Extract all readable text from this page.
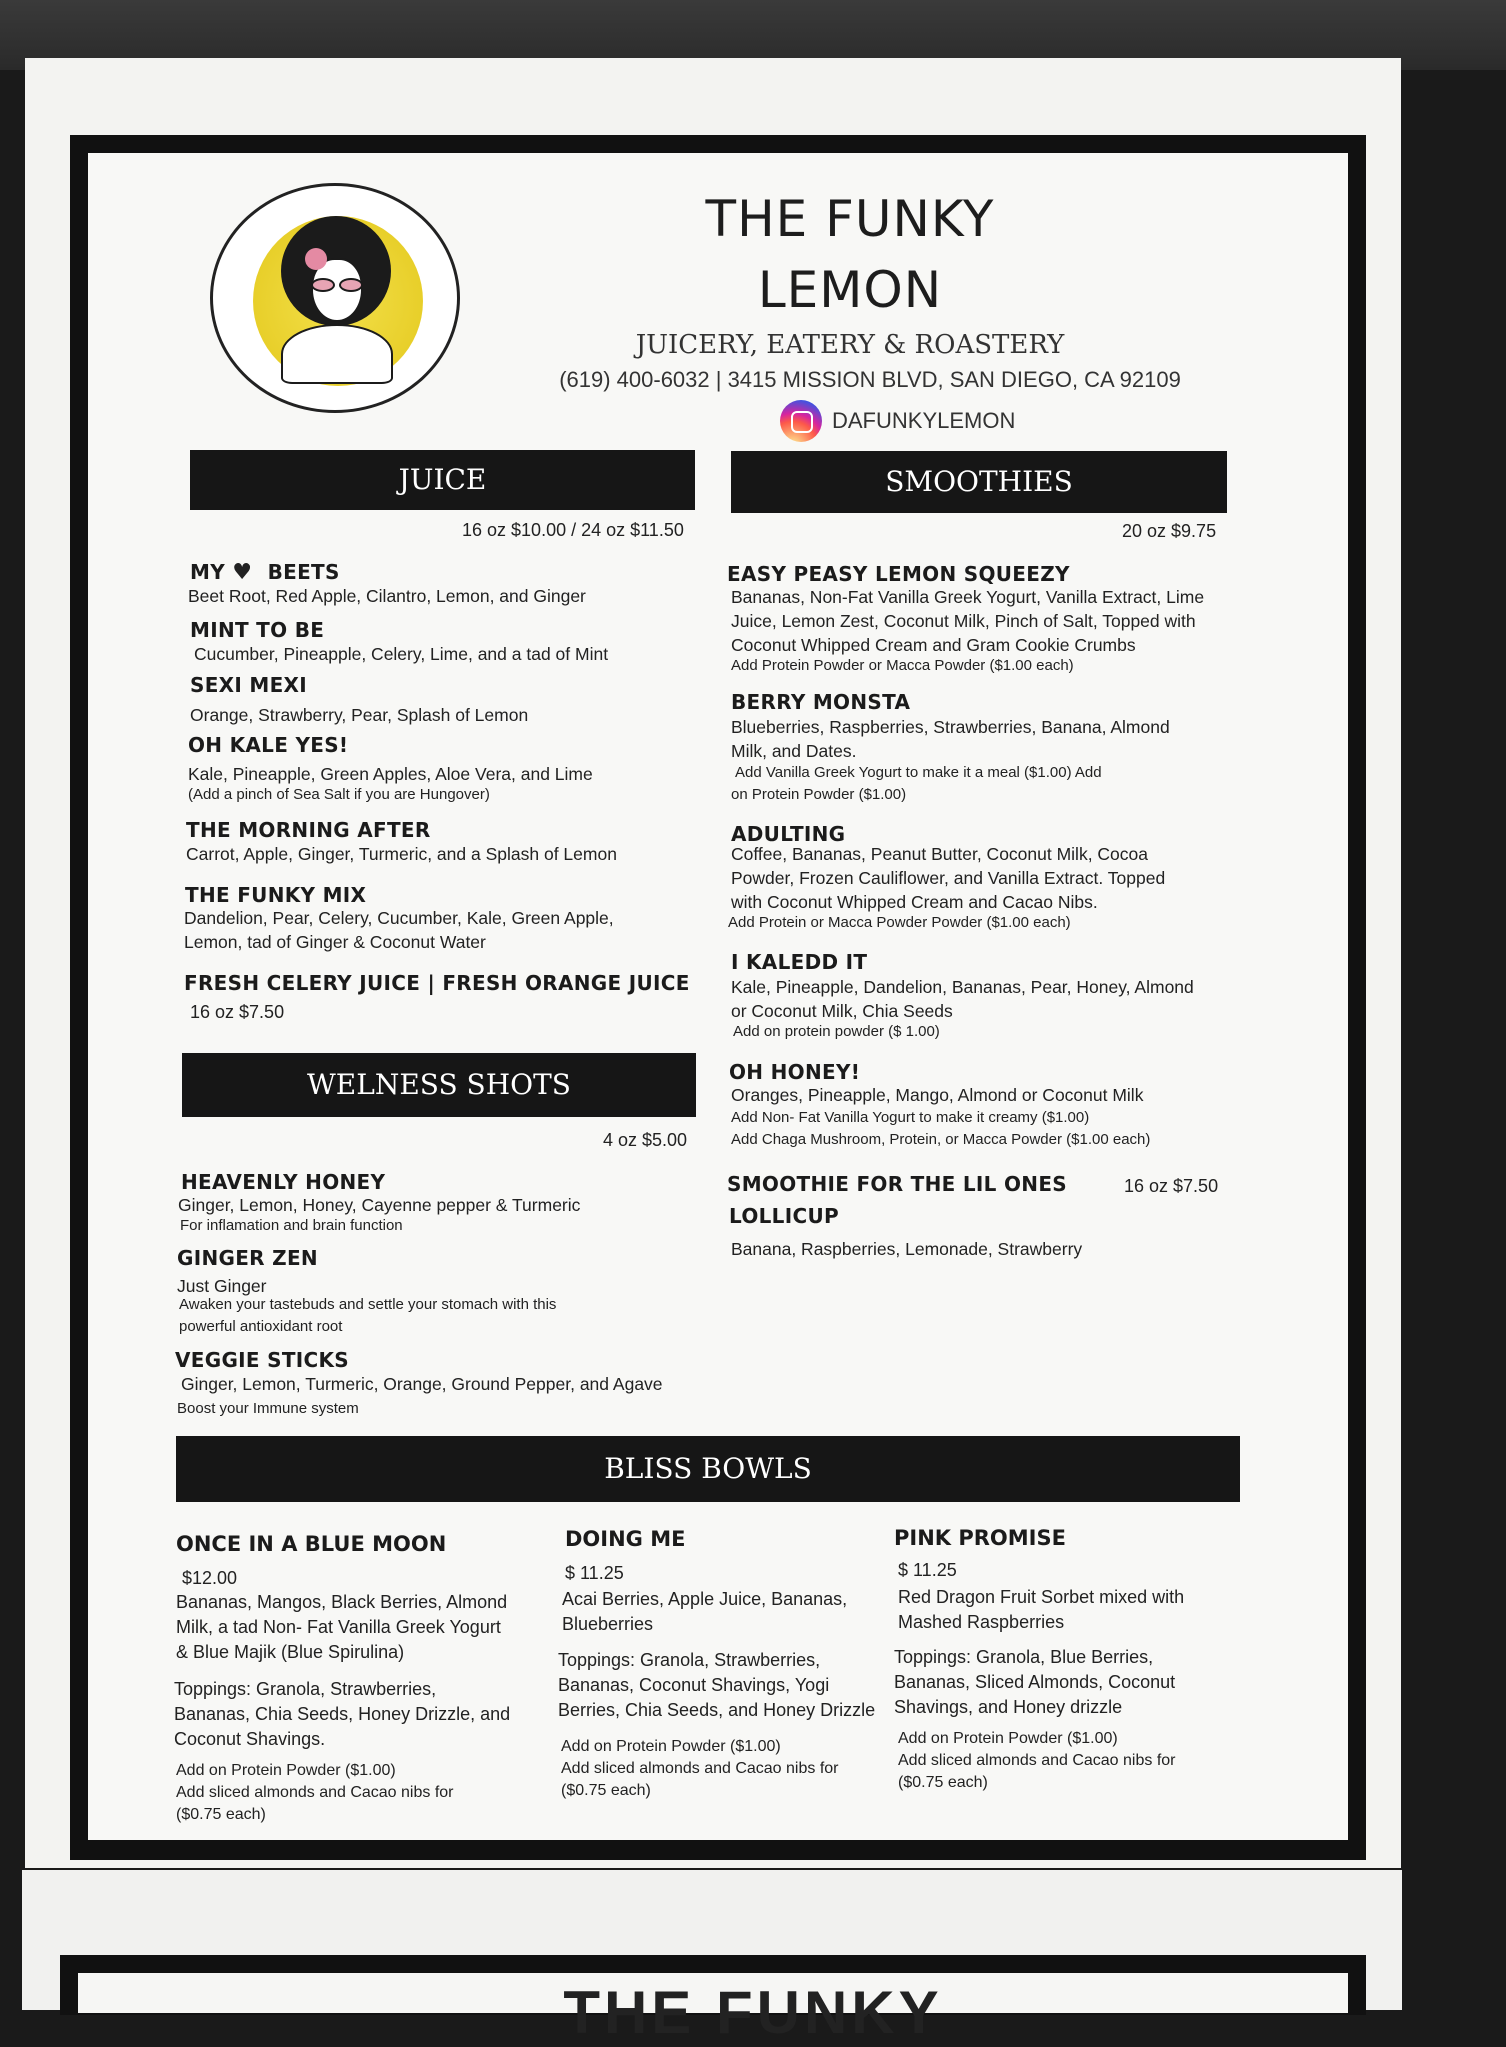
THE FUNKY
THE FUNKY
LEMON
JUICERY, EATERY & ROASTERY
(619) 400-6032 | 3415 MISSION BLVD, SAN DIEGO, CA 92109
DAFUNKYLEMON
JUICE
16 oz $10.00 / 24 oz $11.50
MY ♥ BEETS
Beet Root, Red Apple, Cilantro, Lemon, and Ginger
MINT TO BE
Cucumber, Pineapple, Celery, Lime, and a tad of Mint
SEXI MEXI
Orange, Strawberry, Pear, Splash of Lemon
OH KALE YES!
Kale, Pineapple, Green Apples, Aloe Vera, and Lime
(Add a pinch of Sea Salt if you are Hungover)
THE MORNING AFTER
Carrot, Apple, Ginger, Turmeric, and a Splash of Lemon
THE FUNKY MIX
Dandelion, Pear, Celery, Cucumber, Kale, Green Apple,
Lemon, tad of Ginger & Coconut Water
FRESH CELERY JUICE | FRESH ORANGE JUICE
16 oz $7.50
WELNESS SHOTS
4 oz $5.00
HEAVENLY HONEY
Ginger, Lemon, Honey, Cayenne pepper & Turmeric
For inflamation and brain function
GINGER ZEN
Just Ginger
Awaken your tastebuds and settle your stomach with this
powerful antioxidant root
VEGGIE STICKS
Ginger, Lemon, Turmeric, Orange, Ground Pepper, and Agave
Boost your Immune system
SMOOTHIES
20 oz $9.75
EASY PEASY LEMON SQUEEZY
Bananas, Non-Fat Vanilla Greek Yogurt, Vanilla Extract, Lime
Juice, Lemon Zest, Coconut Milk, Pinch of Salt, Topped with
Coconut Whipped Cream and Gram Cookie Crumbs
Add Protein Powder or Macca Powder ($1.00 each)
BERRY MONSTA
Blueberries, Raspberries, Strawberries, Banana, Almond
Milk, and Dates.
Add Vanilla Greek Yogurt to make it a meal ($1.00) Add
on Protein Powder ($1.00)
ADULTING
Coffee, Bananas, Peanut Butter, Coconut Milk, Cocoa
Powder, Frozen Cauliflower, and Vanilla Extract. Topped
with Coconut Whipped Cream and Cacao Nibs.
Add Protein or Macca Powder Powder ($1.00 each)
I KALEDD IT
Kale, Pineapple, Dandelion, Bananas, Pear, Honey, Almond
or Coconut Milk, Chia Seeds
Add on protein powder ($ 1.00)
OH HONEY!
Oranges, Pineapple, Mango, Almond or Coconut Milk
Add Non- Fat Vanilla Yogurt to make it creamy ($1.00)
Add Chaga Mushroom, Protein, or Macca Powder ($1.00 each)
SMOOTHIE FOR THE LIL ONES	16 oz $7.50
LOLLICUP
Banana, Raspberries, Lemonade, Strawberry
BLISS BOWLS
ONCE IN A BLUE MOON
$12.00
Bananas, Mangos, Black Berries, Almond
Milk, a tad Non- Fat Vanilla Greek Yogurt
& Blue Majik (Blue Spirulina)
Toppings: Granola, Strawberries,
Bananas, Chia Seeds, Honey Drizzle, and
Coconut Shavings.
Add on Protein Powder ($1.00)
Add sliced almonds and Cacao nibs for
($0.75 each)
DOING ME
$ 11.25
Acai Berries, Apple Juice, Bananas,
Blueberries
Toppings: Granola, Strawberries,
Bananas, Coconut Shavings, Yogi
Berries, Chia Seeds, and Honey Drizzle
Add on Protein Powder ($1.00)
Add sliced almonds and Cacao nibs for
($0.75 each)
PINK PROMISE
$ 11.25
Red Dragon Fruit Sorbet mixed with
Mashed Raspberries
Toppings: Granola, Blue Berries,
Bananas, Sliced Almonds, Coconut
Shavings, and Honey drizzle
Add on Protein Powder ($1.00)
Add sliced almonds and Cacao nibs for
($0.75 each)
